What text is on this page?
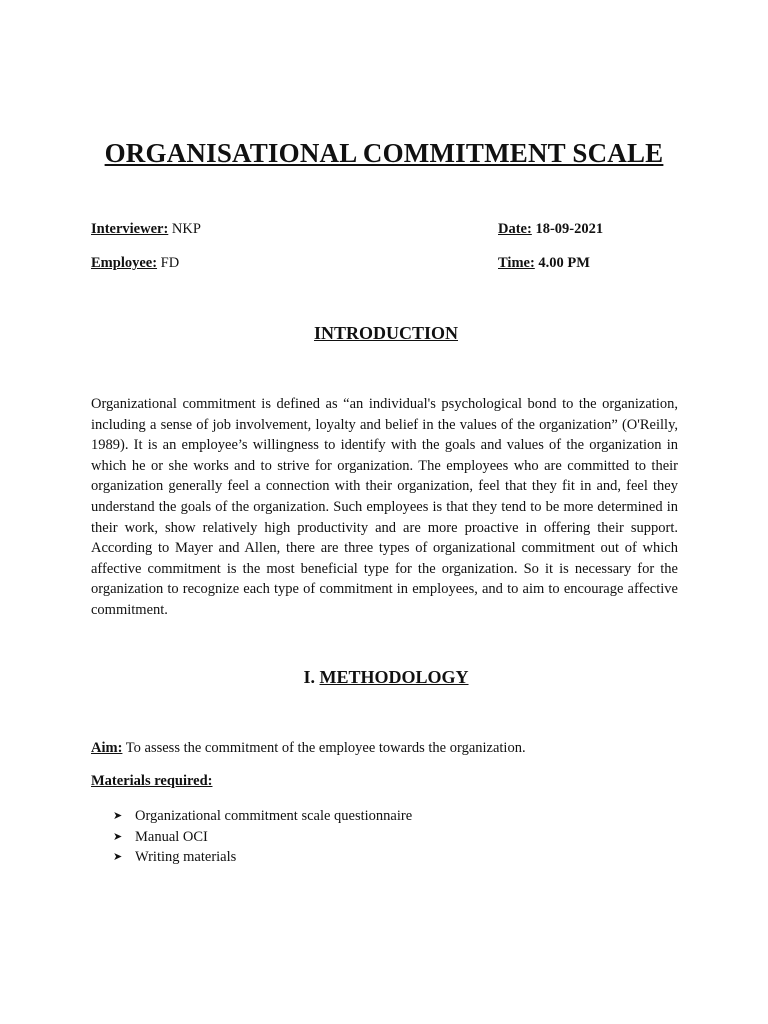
ORGANISATIONAL COMMITMENT SCALE
Interviewer: NKP	Date: 18-09-2021
Employee: FD	Time: 4.00 PM
INTRODUCTION
Organizational commitment is defined as “an individual's psychological bond to the organization, including a sense of job involvement, loyalty and belief in the values of the organization” (O'Reilly, 1989). It is an employee’s willingness to identify with the goals and values of the organization in which he or she works and to strive for organization. The employees who are committed to their organization generally feel a connection with their organization, feel that they fit in and, feel they understand the goals of the organization. Such employees is that they tend to be more determined in their work, show relatively high productivity and are more proactive in offering their support. According to Mayer and Allen, there are three types of organizational commitment out of which affective commitment is the most beneficial type for the organization. So it is necessary for the organization to recognize each type of commitment in employees, and to aim to encourage affective commitment.
I. METHODOLOGY
Aim: To assess the commitment of the employee towards the organization.
Materials required:
➤ Organizational commitment scale questionnaire
➤ Manual OCI
➤ Writing materials
